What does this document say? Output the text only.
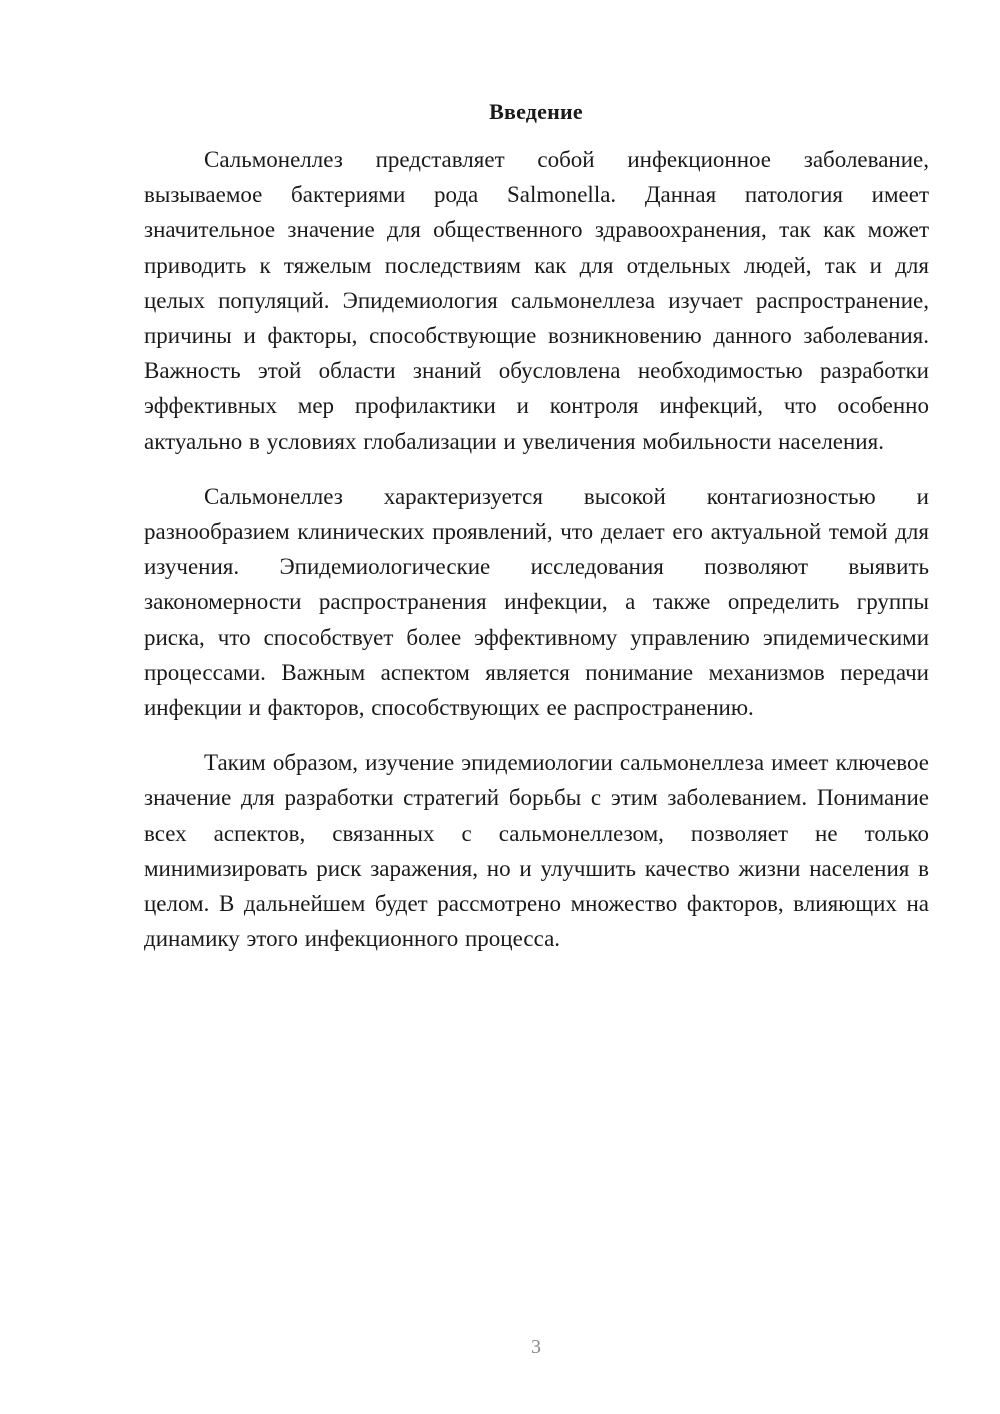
Введение

Сальмонеллез представляет собой инфекционное заболевание, вызываемое бактериями рода Salmonella. Данная патология имеет значительное значение для общественного здравоохранения, так как может приводить к тяжелым последствиям как для отдельных людей, так и для целых популяций. Эпидемиология сальмонеллеза изучает распространение, причины и факторы, способствующие возникновению данного заболевания. Важность этой области знаний обусловлена необходимостью разработки эффективных мер профилактики и контроля инфекций, что особенно актуально в условиях глобализации и увеличения мобильности населения.

Сальмонеллез характеризуется высокой контагиозностью и разнообразием клинических проявлений, что делает его актуальной темой для изучения. Эпидемиологические исследования позволяют выявить закономерности распространения инфекции, а также определить группы риска, что способствует более эффективному управлению эпидемическими процессами. Важным аспектом является понимание механизмов передачи инфекции и факторов, способствующих ее распространению.

Таким образом, изучение эпидемиологии сальмонеллеза имеет ключевое значение для разработки стратегий борьбы с этим заболеванием. Понимание всех аспектов, связанных с сальмонеллезом, позволяет не только минимизировать риск заражения, но и улучшить качество жизни населения в целом. В дальнейшем будет рассмотрено множество факторов, влияющих на динамику этого инфекционного процесса.

3
